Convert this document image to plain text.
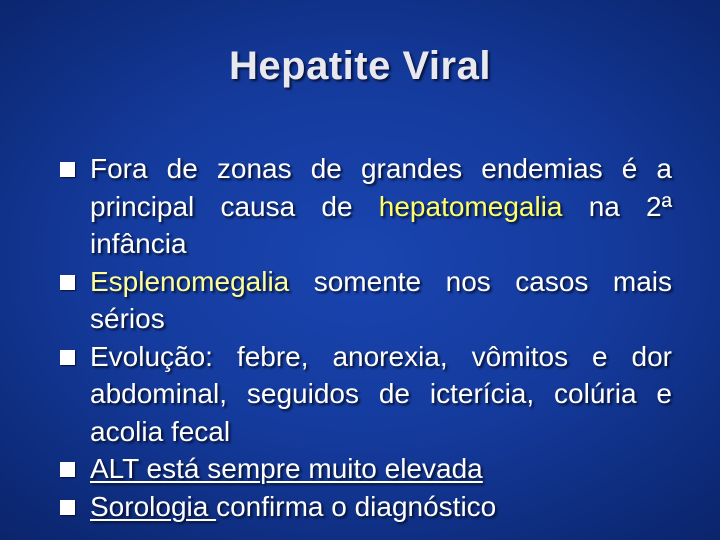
Hepatite Viral
Fora de zonas de grandes endemias é a principal causa de hepatomegalia na 2ª infância
Esplenomegalia somente nos casos mais sérios
Evolução: febre, anorexia, vômitos e dor abdominal, seguidos de icterícia, colúria e acolia fecal
ALT está sempre muito elevada
Sorologia confirma o diagnóstico
